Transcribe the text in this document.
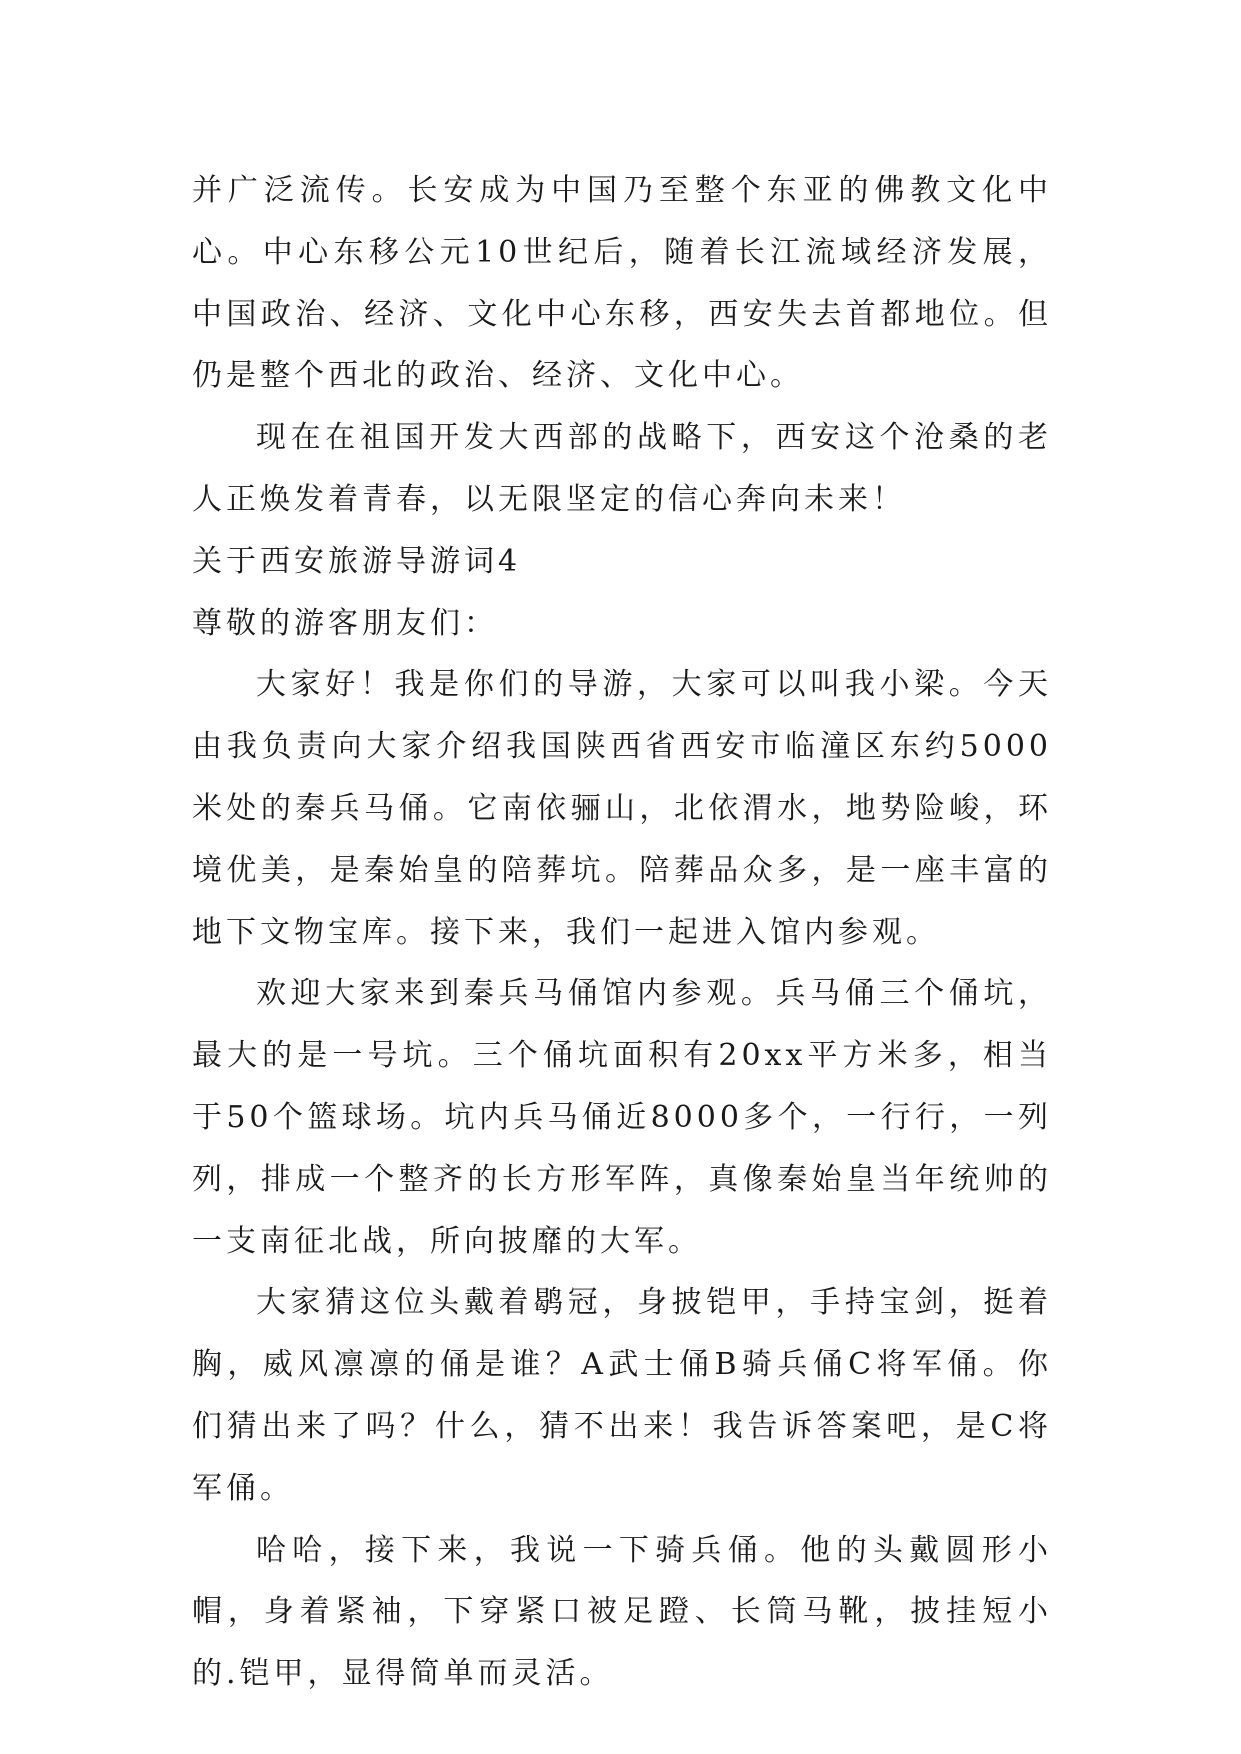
并广泛流传。长安成为中国乃至整个东亚的佛教文化中心。中心东移公元10世纪后，随着长江流域经济发展，中国政治、经济、文化中心东移，西安失去首都地位。但仍是整个西北的政治、经济、文化中心。

现在在祖国开发大西部的战略下，西安这个沧桑的老人正焕发着青春，以无限坚定的信心奔向未来！

关于西安旅游导游词4

尊敬的游客朋友们：

大家好！我是你们的导游，大家可以叫我小梁。今天由我负责向大家介绍我国陕西省西安市临潼区东约5000米处的秦兵马俑。它南依骊山，北依渭水，地势险峻，环境优美，是秦始皇的陪葬坑。陪葬品众多，是一座丰富的地下文物宝库。接下来，我们一起进入馆内参观。

欢迎大家来到秦兵马俑馆内参观。兵马俑三个俑坑，最大的是一号坑。三个俑坑面积有20xx平方米多，相当于50个篮球场。坑内兵马俑近8000多个，一行行，一列列，排成一个整齐的长方形军阵，真像秦始皇当年统帅的一支南征北战，所向披靡的大军。

大家猜这位头戴着鹖冠，身披铠甲，手持宝剑，挺着胸，威风凛凛的俑是谁？A武士俑B骑兵俑C将军俑。你们猜出来了吗？什么，猜不出来！我告诉答案吧，是C将军俑。

哈哈，接下来，我说一下骑兵俑。他的头戴圆形小帽，身着紧袖，下穿紧口被足蹬、长筒马靴，披挂短小的.铠甲，显得简单而灵活。
